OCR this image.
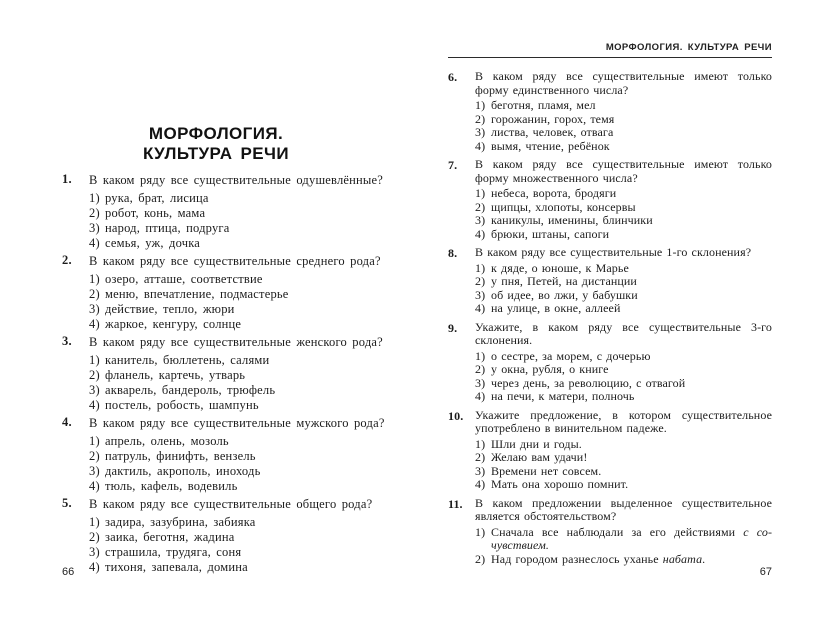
МОРФОЛОГИЯ.
КУЛЬТУРА РЕЧИ
1.	В каком ряду все существительные одушевлённые?
1) рука, брат, лисица
2) робот, конь, мама
3) народ, птица, подруга
4) семья, уж, дочка
2.	В каком ряду все существительные среднего рода?
1) озеро, атташе, соответствие
2) меню, впечатление, подмастерье
3) действие, тепло, жюри
4) жаркое, кенгуру, солнце
3.	В каком ряду все существительные женского рода?
1) канитель, бюллетень, салями
2) фланель, картечь, утварь
3) акварель, бандероль, трюфель
4) постель, робость, шампунь
4.	В каком ряду все существительные мужского рода?
1) апрель, олень, мозоль
2) патруль, финифть, вензель
3) дактиль, акрополь, иноходь
4) тюль, кафель, водевиль
5.	В каком ряду все существительные общего рода?
1) задира, зазубрина, забияка
2) заика, беготня, жадина
3) страшила, трудяга, соня
4) тихоня, запевала, домина
МОРФОЛОГИЯ. КУЛЬТУРА РЕЧИ
6.	В каком ряду все существительные имеют только форму единственного числа?
1) беготня, пламя, мел
2) горожанин, горох, темя
3) листва, человек, отвага
4) вымя, чтение, ребёнок
7.	В каком ряду все существительные имеют только форму множественного числа?
1) небеса, ворота, бродяги
2) щипцы, хлопоты, консервы
3) каникулы, именины, блинчики
4) брюки, штаны, сапоги
8.	В каком ряду все существительные 1-го склонения?
1) к дяде, о юноше, к Марье
2) у пня, Петей, на дистанции
3) об идее, во лжи, у бабушки
4) на улице, в окне, аллеей
9.	Укажите, в каком ряду все существительные 3-го склонения.
1) о сестре, за морем, с дочерью
2) у окна, рубля, о книге
3) через день, за революцию, с отвагой
4) на печи, к матери, полночь
10. Укажите предложение, в котором существительное употреблено в винительном падеже.
1) Шли дни и годы.
2) Желаю вам удачи!
3) Времени нет совсем.
4) Мать она хорошо помнит.
11.	В каком предложении выделенное существительное является обстоятельством?
1) Сначала все наблюдали за его действиями с сочувствием.
2) Над городом разнеслось уханье набата.
66	67
